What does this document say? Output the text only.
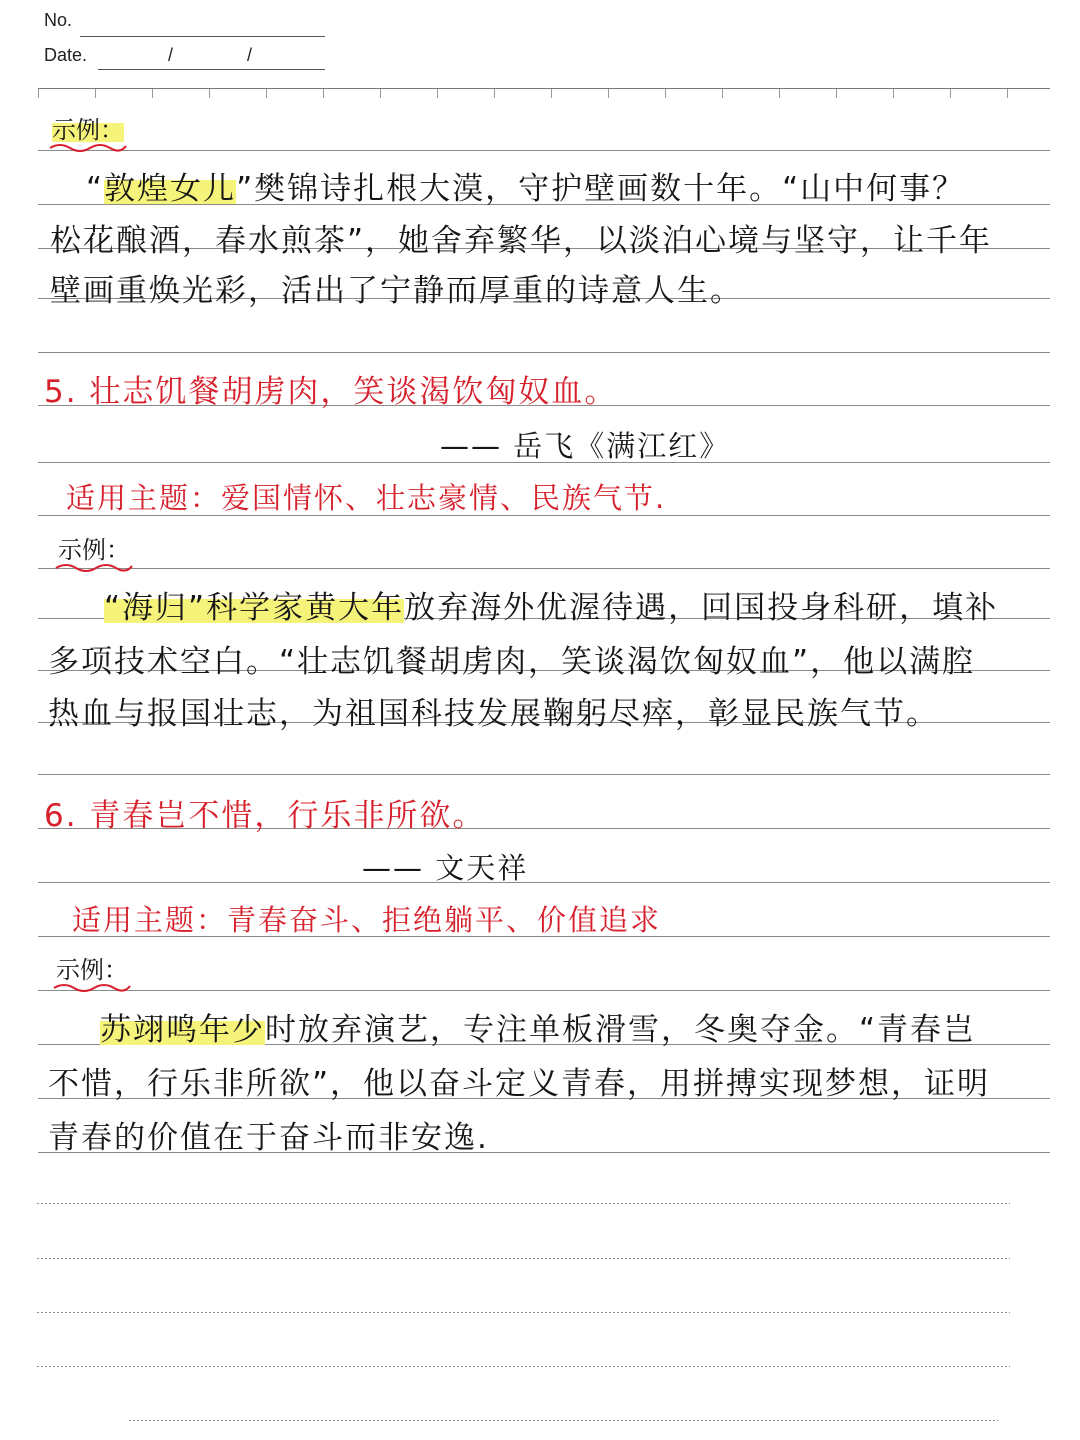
No.
Date.	/	/
示例：
“敦煌女儿”樊锦诗扎根大漠，守护壁画数十年。“山中何事？
松花酿酒，春水煎茶”，她舍弃繁华，以淡泊心境与坚守，让千年
壁画重焕光彩，活出了宁静而厚重的诗意人生。
5. 壮志饥餐胡虏肉，笑谈渴饮匈奴血。
—— 岳飞《满江红》
适用主题：爱国情怀、壮志豪情、民族气节.
示例：
“海归”科学家黄大年放弃海外优渥待遇，回国投身科研，填补
多项技术空白。“壮志饥餐胡虏肉，笑谈渴饮匈奴血”，他以满腔
热血与报国壮志，为祖国科技发展鞠躬尽瘁，彰显民族气节。
6. 青春岂不惜，行乐非所欲。
—— 文天祥
适用主题：青春奋斗、拒绝躺平、价值追求
示例：
苏翊鸣年少时放弃演艺，专注单板滑雪，冬奥夺金。“青春岂
不惜，行乐非所欲”，他以奋斗定义青春，用拼搏实现梦想，证明
青春的价值在于奋斗而非安逸.
